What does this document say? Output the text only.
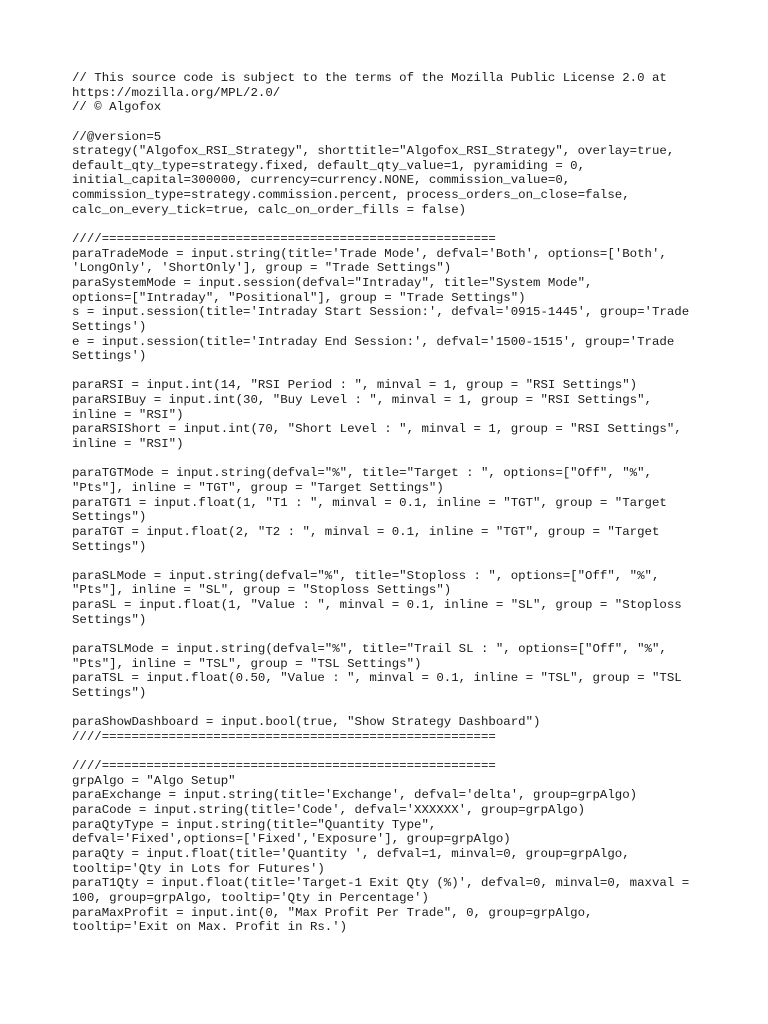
// This source code is subject to the terms of the Mozilla Public License 2.0 at
https://mozilla.org/MPL/2.0/
// © Algofox
//@version=5
strategy("Algofox_RSI_Strategy", shorttitle="Algofox_RSI_Strategy", overlay=true,
default_qty_type=strategy.fixed, default_qty_value=1, pyramiding = 0,
initial_capital=300000, currency=currency.NONE, commission_value=0,
commission_type=strategy.commission.percent, process_orders_on_close=false,
calc_on_every_tick=true, calc_on_order_fills = false)
////=====================================================
paraTradeMode = input.string(title='Trade Mode', defval='Both', options=['Both',
'LongOnly', 'ShortOnly'], group = "Trade Settings")
paraSystemMode = input.session(defval="Intraday", title="System Mode",
options=["Intraday", "Positional"], group = "Trade Settings")
s = input.session(title='Intraday Start Session:', defval='0915-1445', group='Trade
Settings')
e = input.session(title='Intraday End Session:', defval='1500-1515', group='Trade
Settings')
paraRSI = input.int(14, "RSI Period : ", minval = 1, group = "RSI Settings")
paraRSIBuy = input.int(30, "Buy Level : ", minval = 1, group = "RSI Settings",
inline = "RSI")
paraRSIShort = input.int(70, "Short Level : ", minval = 1, group = "RSI Settings",
inline = "RSI")
paraTGTMode = input.string(defval="%", title="Target : ", options=["Off", "%",
"Pts"], inline = "TGT", group = "Target Settings")
paraTGT1 = input.float(1, "T1 : ", minval = 0.1, inline = "TGT", group = "Target
Settings")
paraTGT = input.float(2, "T2 : ", minval = 0.1, inline = "TGT", group = "Target
Settings")
paraSLMode = input.string(defval="%", title="Stoploss : ", options=["Off", "%",
"Pts"], inline = "SL", group = "Stoploss Settings")
paraSL = input.float(1, "Value : ", minval = 0.1, inline = "SL", group = "Stoploss
Settings")
paraTSLMode = input.string(defval="%", title="Trail SL : ", options=["Off", "%",
"Pts"], inline = "TSL", group = "TSL Settings")
paraTSL = input.float(0.50, "Value : ", minval = 0.1, inline = "TSL", group = "TSL
Settings")
paraShowDashboard = input.bool(true, "Show Strategy Dashboard")
////=====================================================
////=====================================================
grpAlgo = "Algo Setup"
paraExchange = input.string(title='Exchange', defval='delta', group=grpAlgo)
paraCode = input.string(title='Code', defval='XXXXXX', group=grpAlgo)
paraQtyType = input.string(title="Quantity Type",
defval='Fixed',options=['Fixed','Exposure'], group=grpAlgo)
paraQty = input.float(title='Quantity ', defval=1, minval=0, group=grpAlgo,
tooltip='Qty in Lots for Futures')
paraT1Qty = input.float(title='Target-1 Exit Qty (%)', defval=0, minval=0, maxval =
100, group=grpAlgo, tooltip='Qty in Percentage')
paraMaxProfit = input.int(0, "Max Profit Per Trade", 0, group=grpAlgo,
tooltip='Exit on Max. Profit in Rs.')
